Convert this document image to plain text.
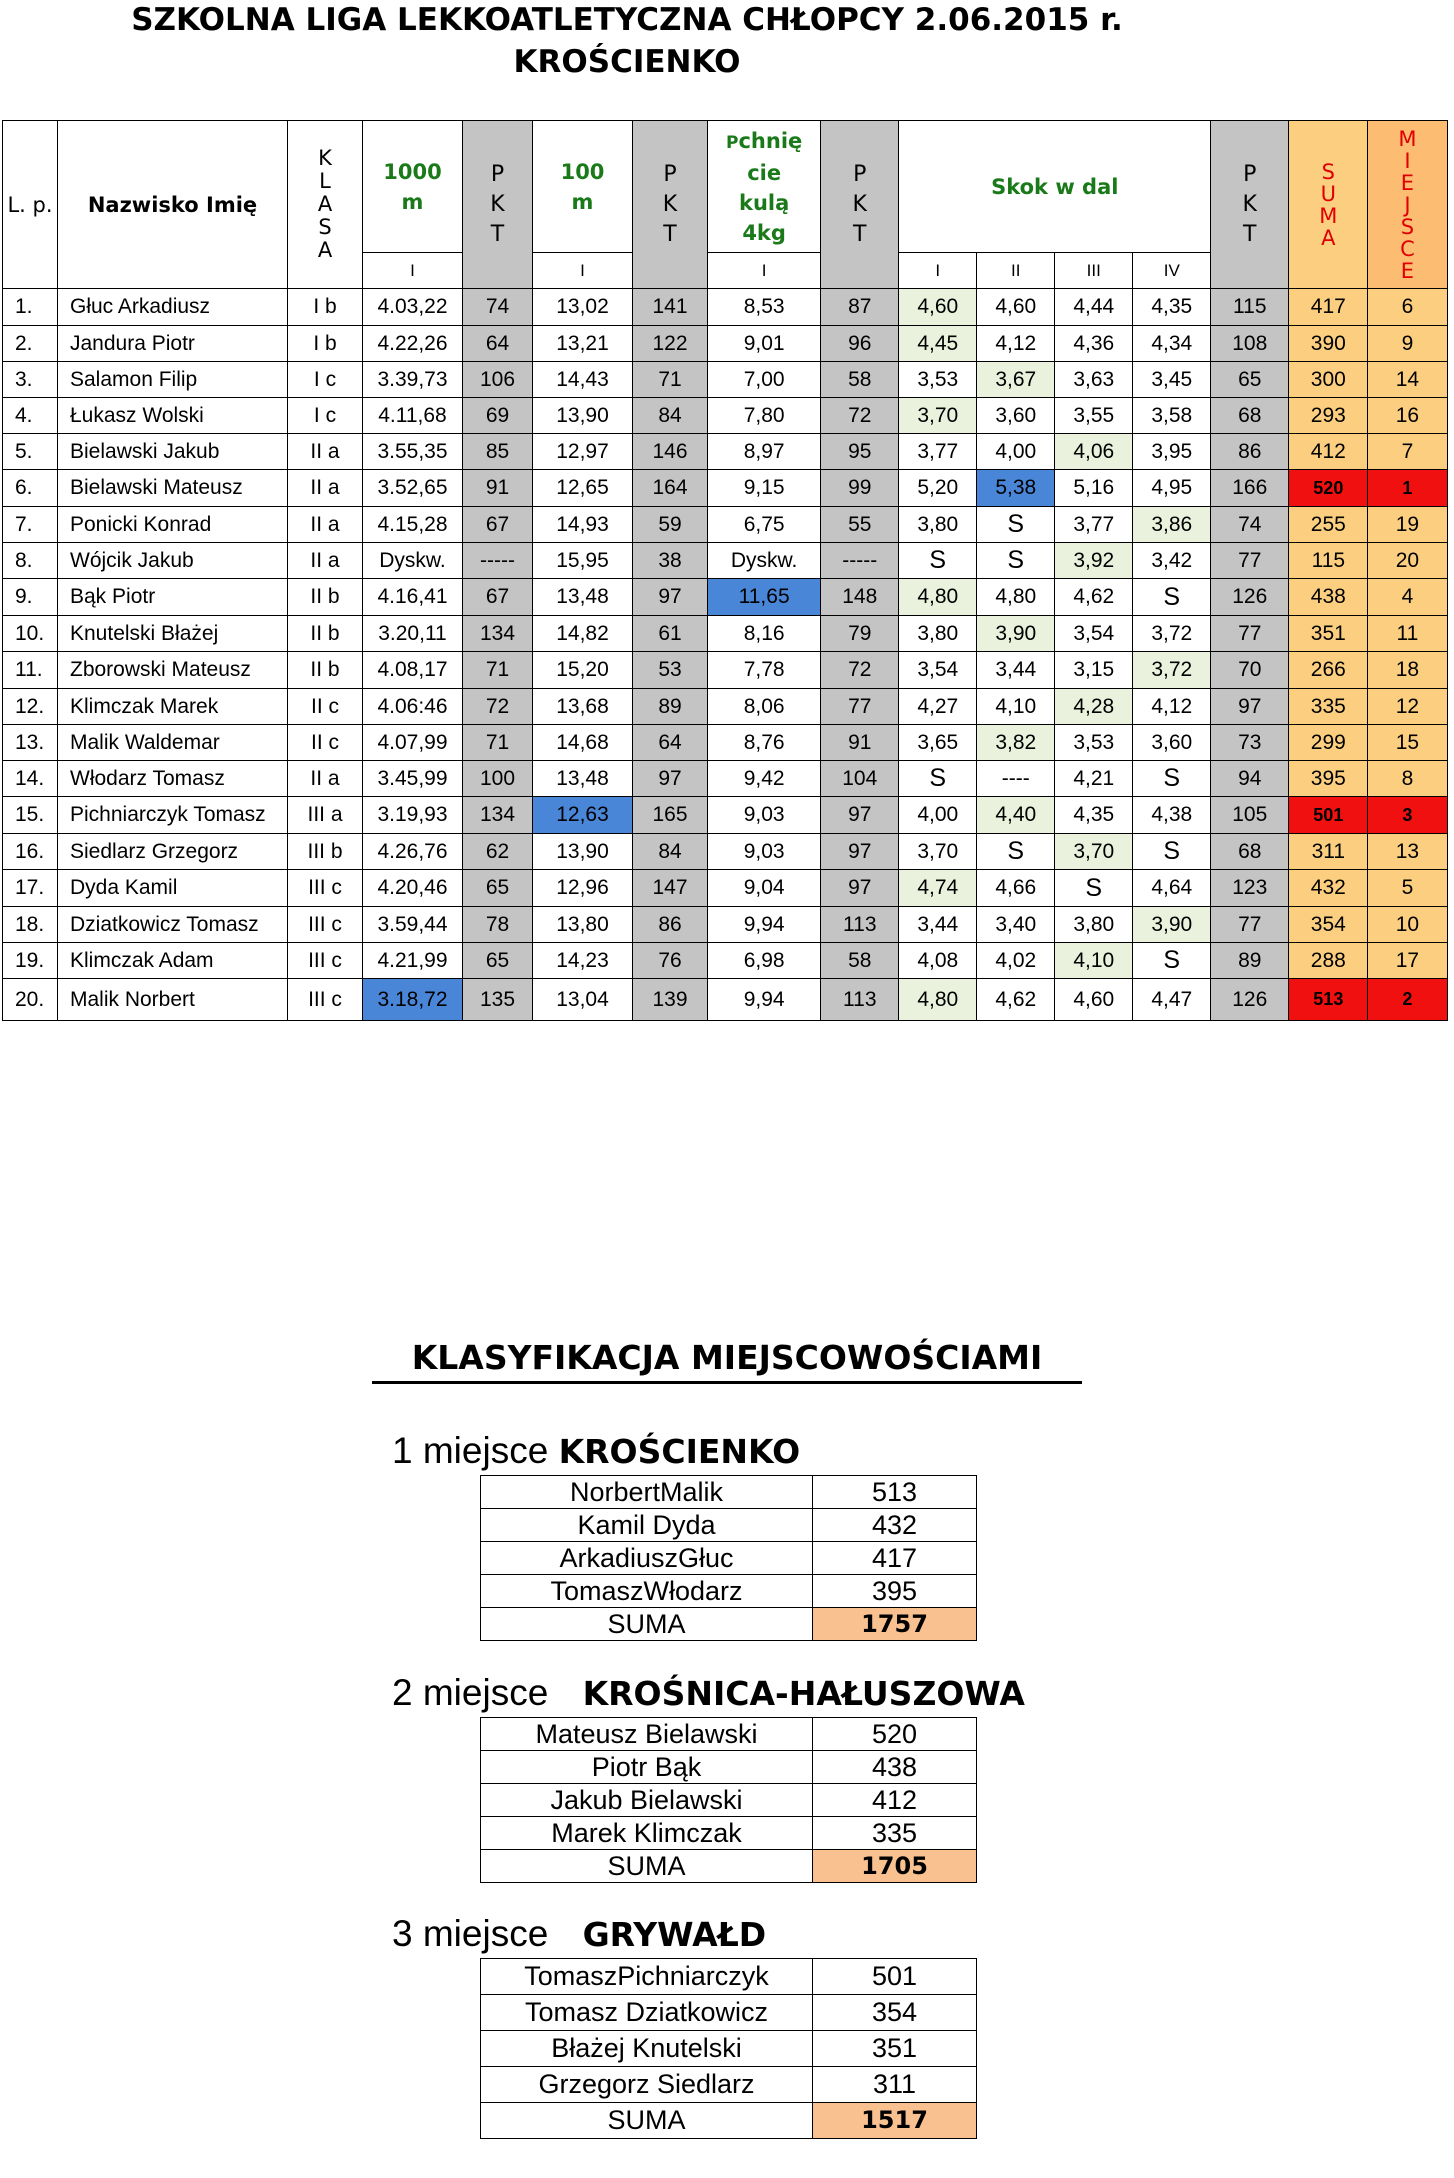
SZKOLNA LIGA LEKKOATLETYCZNA CHŁOPCY 2.06.2015 r.
KROŚCIENKO
L. p.	Nazwisko Imię	K L A S A	1000 m	P K T	100 m	P K T	Pchnię cie kulą 4kg	P K T	Skok w dal				P K T	S U M A	M I E J S C E
			I		I		I		I	II	III	IV			
1.	Głuc Arkadiusz	I b	4.03,22	74	13,02	141	8,53	87	4,60	4,60	4,44	4,35	115	417	6
2.	Jandura Piotr	I b	4.22,26	64	13,21	122	9,01	96	4,45	4,12	4,36	4,34	108	390	9
3.	Salamon Filip	I c	3.39,73	106	14,43	71	7,00	58	3,53	3,67	3,63	3,45	65	300	14
4.	Łukasz Wolski	I c	4.11,68	69	13,90	84	7,80	72	3,70	3,60	3,55	3,58	68	293	16
5.	Bielawski Jakub	II a	3.55,35	85	12,97	146	8,97	95	3,77	4,00	4,06	3,95	86	412	7
6.	Bielawski Mateusz	II a	3.52,65	91	12,65	164	9,15	99	5,20	5,38	5,16	4,95	166	520	1
7.	Ponicki Konrad	II a	4.15,28	67	14,93	59	6,75	55	3,80	S	3,77	3,86	74	255	19
8.	Wójcik Jakub	II a	Dyskw.	-----	15,95	38	Dyskw.	-----	S	S	3,92	3,42	77	115	20
9.	Bąk Piotr	II b	4.16,41	67	13,48	97	11,65	148	4,80	4,80	4,62	S	126	438	4
10.	Knutelski Błażej	II b	3.20,11	134	14,82	61	8,16	79	3,80	3,90	3,54	3,72	77	351	11
11.	Zborowski Mateusz	II b	4.08,17	71	15,20	53	7,78	72	3,54	3,44	3,15	3,72	70	266	18
12.	Klimczak Marek	II c	4.06:46	72	13,68	89	8,06	77	4,27	4,10	4,28	4,12	97	335	12
13.	Malik Waldemar	II c	4.07,99	71	14,68	64	8,76	91	3,65	3,82	3,53	3,60	73	299	15
14.	Włodarz Tomasz	II a	3.45,99	100	13,48	97	9,42	104	S	----	4,21	S	94	395	8
15.	Pichniarczyk Tomasz	III a	3.19,93	134	12,63	165	9,03	97	4,00	4,40	4,35	4,38	105	501	3
16.	Siedlarz Grzegorz	III b	4.26,76	62	13,90	84	9,03	97	3,70	S	3,70	S	68	311	13
17.	Dyda Kamil	III c	4.20,46	65	12,96	147	9,04	97	4,74	4,66	S	4,64	123	432	5
18.	Dziatkowicz Tomasz	III c	3.59,44	78	13,80	86	9,94	113	3,44	3,40	3,80	3,90	77	354	10
19.	Klimczak Adam	III c	4.21,99	65	14,23	76	6,98	58	4,08	4,02	4,10	S	89	288	17
20.	Malik Norbert	III c	3.18,72	135	13,04	139	9,94	113	4,80	4,62	4,60	4,47	126	513	2
KLASYFIKACJA MIEJSCOWOŚCIAMI
1 miejsce KROŚCIENKO
NorbertMalik	513
Kamil Dyda	432
ArkadiuszGłuc	417
TomaszWłodarz	395
SUMA	1757
2 miejsce KROŚNICA-HAŁUSZOWA
Mateusz Bielawski	520
Piotr Bąk	438
Jakub Bielawski	412
Marek Klimczak	335
SUMA	1705
3 miejsce GRYWAŁD
TomaszPichniarczyk	501
Tomasz Dziatkowicz	354
Błażej Knutelski	351
Grzegorz Siedlarz	311
SUMA	1517
